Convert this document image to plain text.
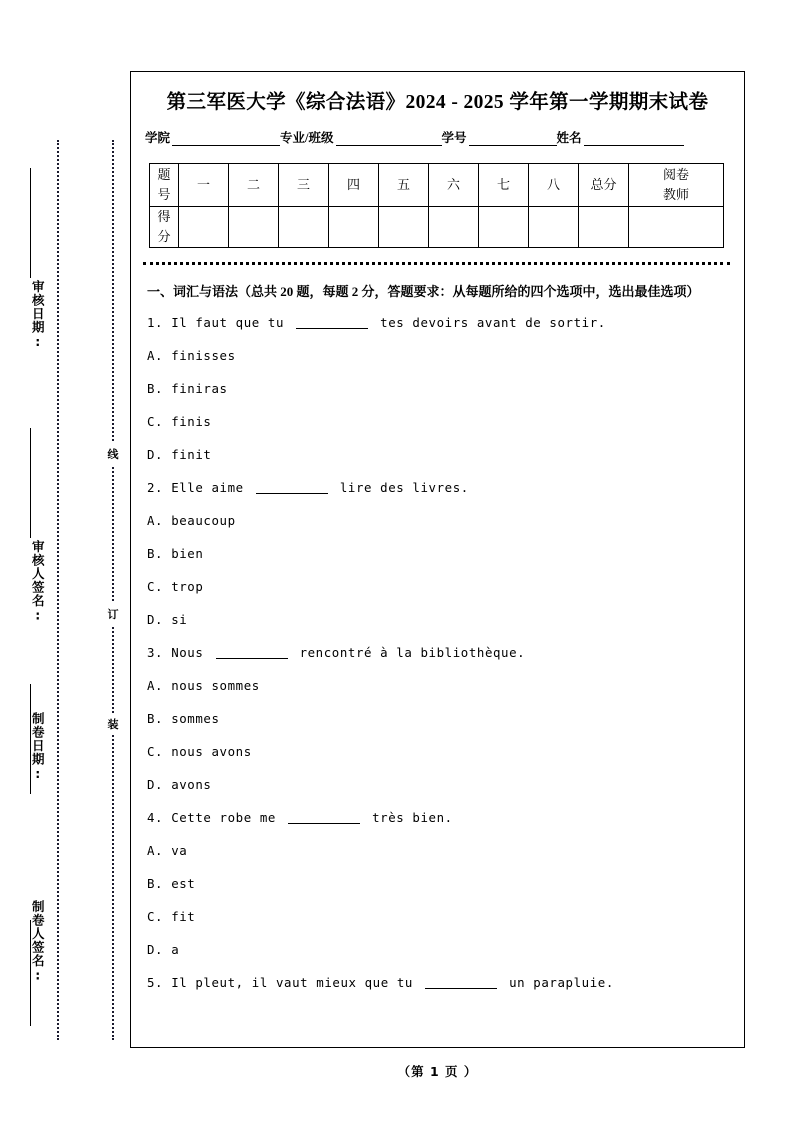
审核日期:
审核人签名:
制卷日期:
制卷人签名:
线
订
装
第三军医大学《综合法语》2024 - 2025 学年第一学期期末试卷
学院	专业/班级	学号	姓名
题
号	一	二	三	四	五	六	七	八	总分	阅卷
教师

得
分										

一、词汇与语法（总共 20 题，每题 2 分，答题要求：从每题所给的四个选项中，选出最佳选项）
1. Il faut que tu	tes devoirs avant de sortir.
A. finisses
B. finiras
C. finis
D. finit
2. Elle aime	lire des livres.
A. beaucoup
B. bien
C. trop
D. si
3. Nous	rencontré à la bibliothèque.
A. nous sommes
B. sommes
C. nous avons
D. avons
4. Cette robe me	très bien.
A. va
B. est
C. fit
D. a
5. Il pleut, il vaut mieux que tu	un parapluie.
（第 1 页 ）
